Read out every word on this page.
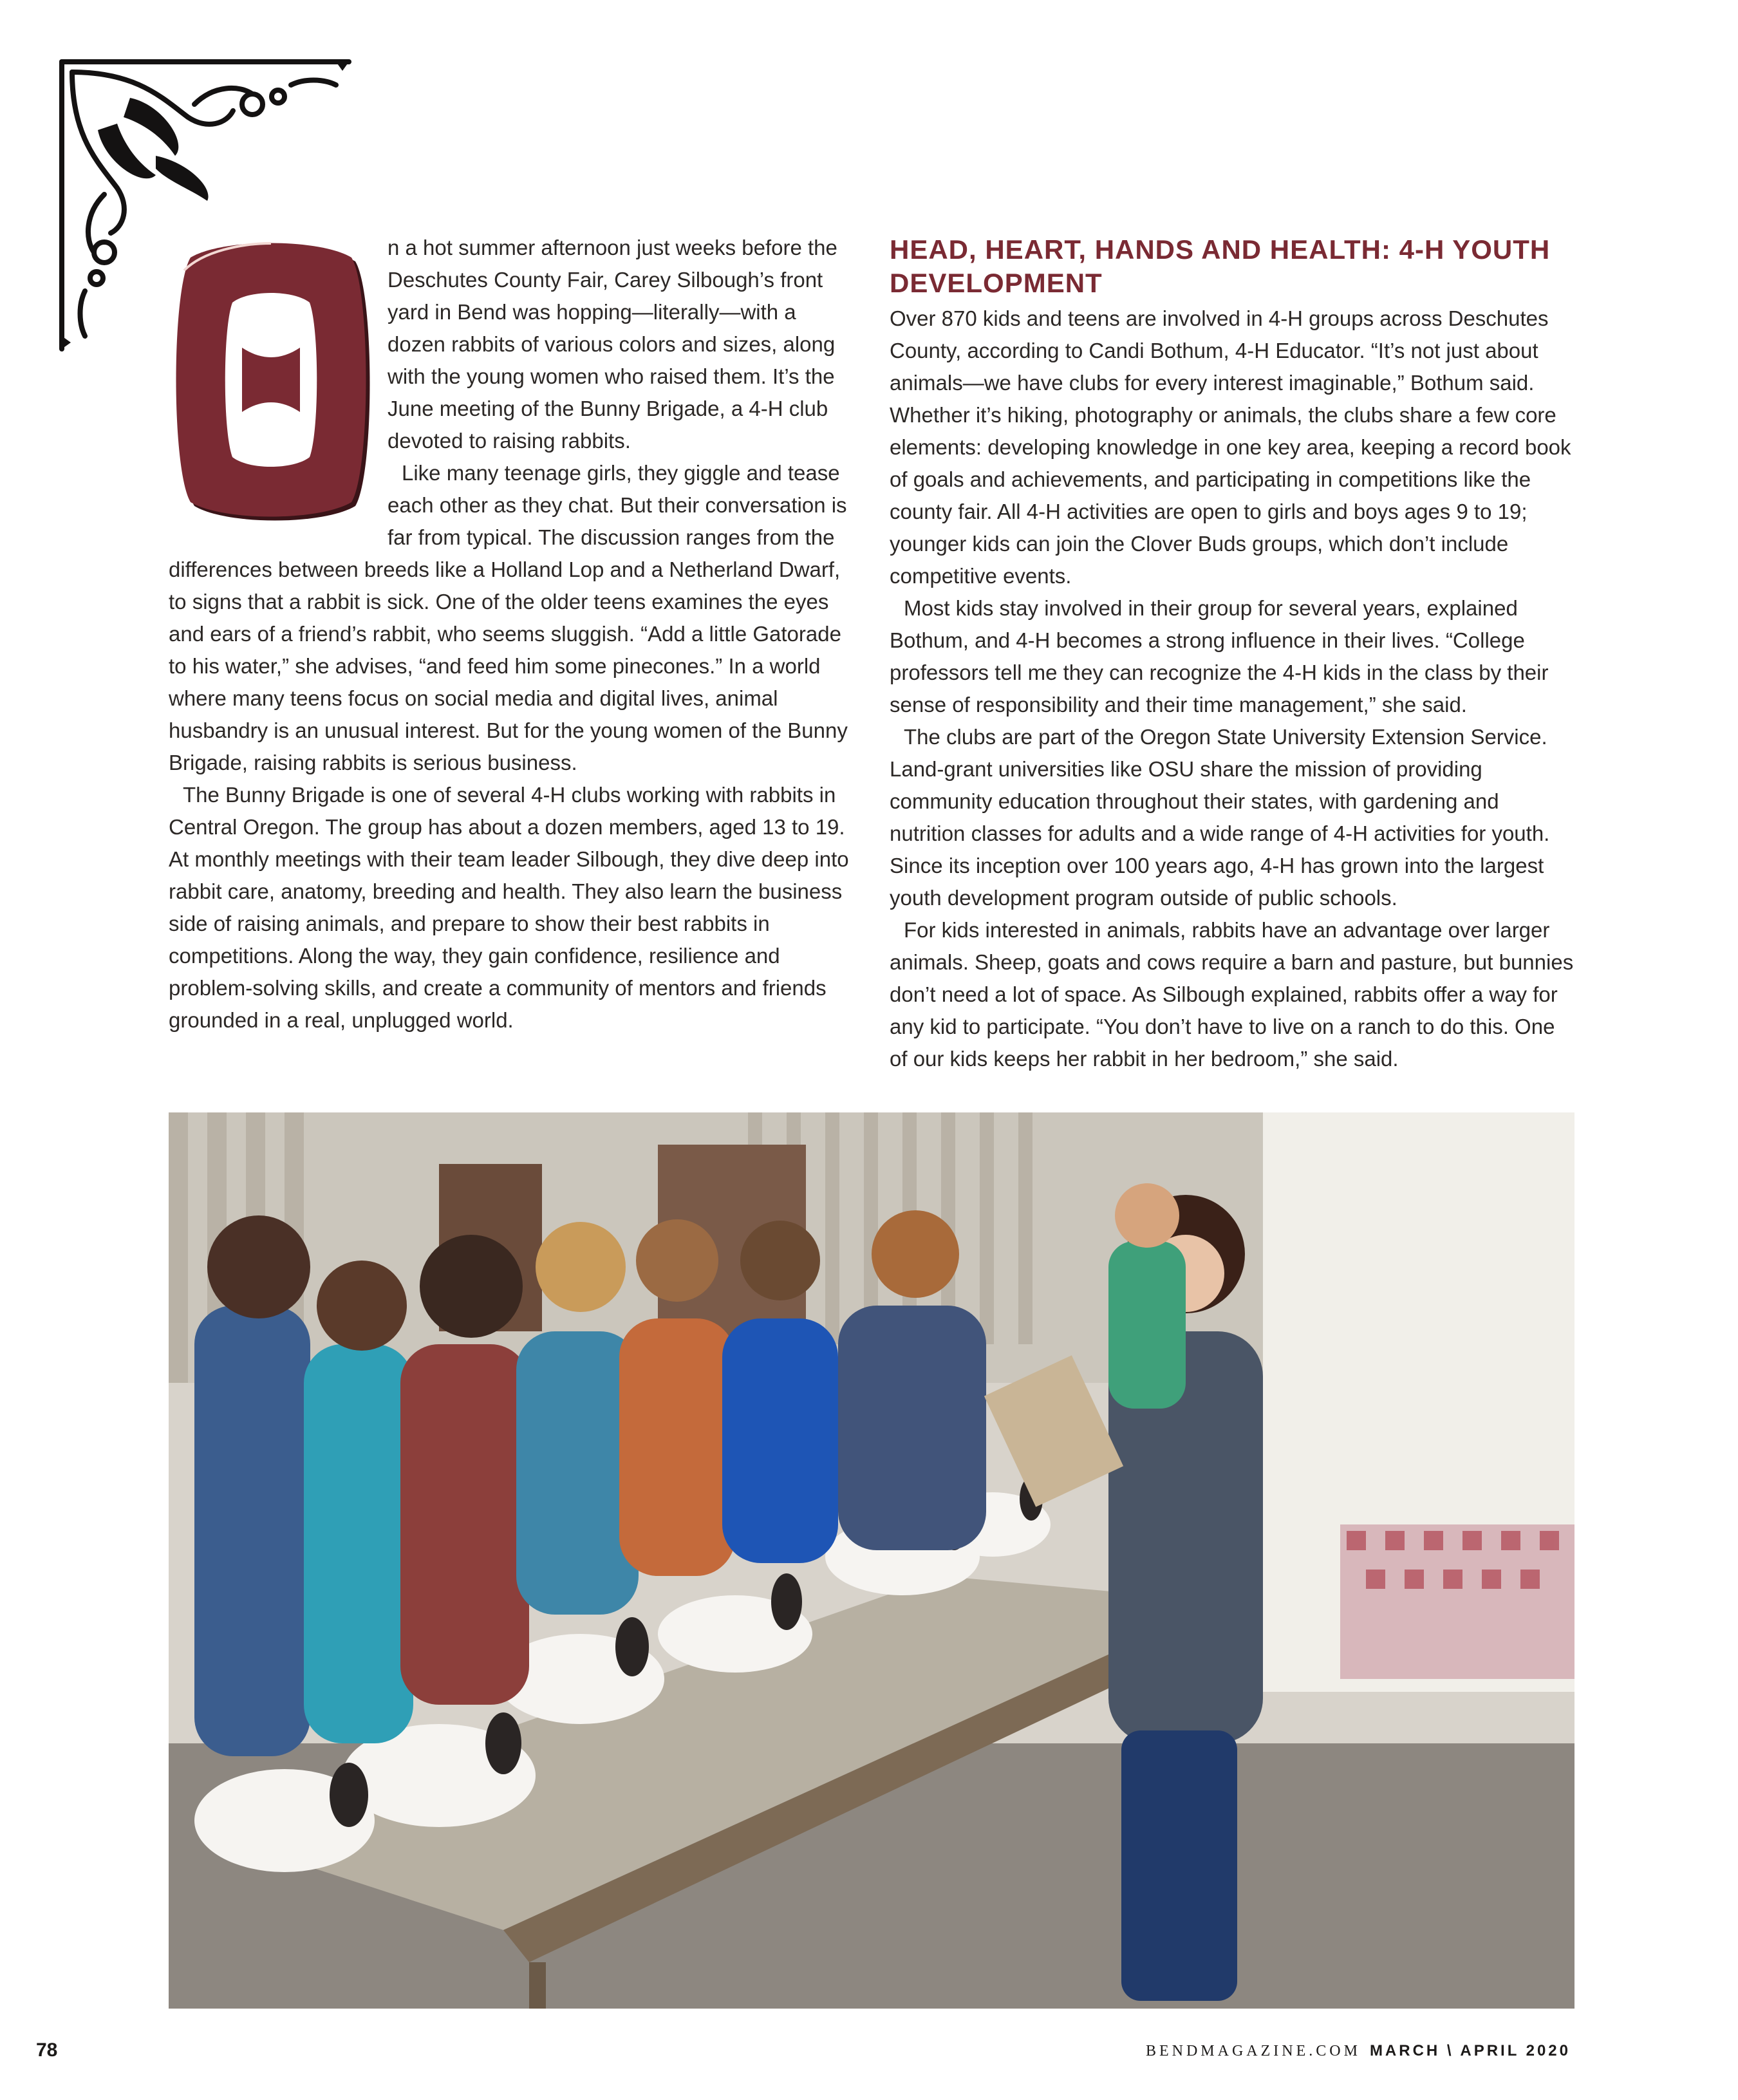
n a hot summer afternoon just weeks before the Deschutes County Fair, Carey Silbough’s front yard in Bend was hopping—literally—with a dozen rabbits of various colors and sizes, along with the young women who raised them. It’s the June meeting of the Bunny Brigade, a 4-H club devoted to raising rabbits.

Like many teenage girls, they giggle and tease each other as they chat. But their conversation is far from typical. The discussion ranges from the differences between breeds like a Holland Lop and a Netherland Dwarf, to signs that a rabbit is sick. One of the older teens examines the eyes and ears of a friend’s rabbit, who seems sluggish. “Add a little Gatorade to his water,” she advises, “and feed him some pinecones.” In a world where many teens focus on social media and digital lives, animal husbandry is an unusual interest. But for the young women of the Bunny Brigade, raising rabbits is serious business.

The Bunny Brigade is one of several 4-H clubs working with rabbits in Central Oregon. The group has about a dozen members, aged 13 to 19. At monthly meetings with their team leader Silbough, they dive deep into rabbit care, anatomy, breeding and health. They also learn the business side of raising animals, and prepare to show their best rabbits in competitions. Along the way, they gain confidence, resilience and problem-solving skills, and create a community of mentors and friends grounded in a real, unplugged world.

HEAD, HEART, HANDS AND HEALTH: 4-H YOUTH DEVELOPMENT

Over 870 kids and teens are involved in 4-H groups across Deschutes County, according to Candi Bothum, 4-H Educator. “It’s not just about animals—we have clubs for every interest imaginable,” Bothum said. Whether it’s hiking, photography or animals, the clubs share a few core elements: developing knowledge in one key area, keeping a record book of goals and achievements, and participating in competitions like the county fair. All 4-H activities are open to girls and boys ages 9 to 19; younger kids can join the Clover Buds groups, which don’t include competitive events.

Most kids stay involved in their group for several years, explained Bothum, and 4-H becomes a strong influence in their lives. “College professors tell me they can recognize the 4-H kids in the class by their sense of responsibility and their time management,” she said.

The clubs are part of the Oregon State University Extension Service. Land-grant universities like OSU share the mission of providing community education throughout their states, with gardening and nutrition classes for adults and a wide range of 4-H activities for youth. Since its inception over 100 years ago, 4-H has grown into the largest youth development program outside of public schools.

For kids interested in animals, rabbits have an advantage over larger animals. Sheep, goats and cows require a barn and pasture, but bunnies don’t need a lot of space. As Silbough explained, rabbits offer a way for any kid to participate. “You don’t have to live on a ranch to do this. One of our kids keeps her rabbit in her bedroom,” she said.

78	BENDMAGAZINE.COM MARCH \ APRIL 2020
